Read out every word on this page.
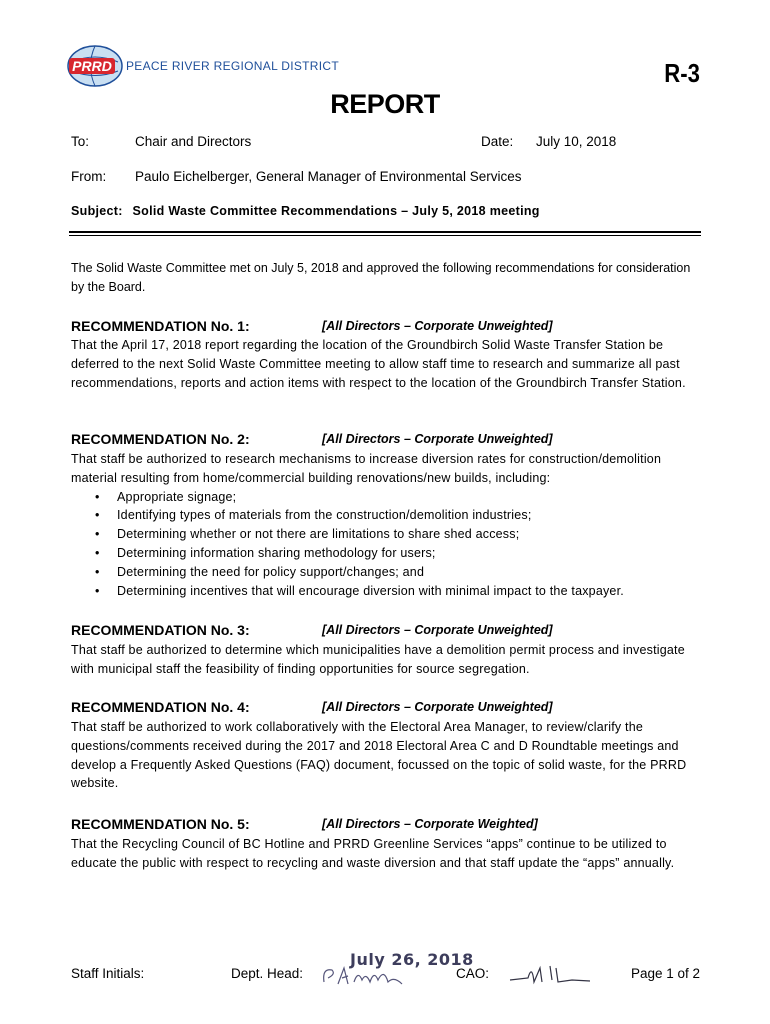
PRRD PEACE RIVER REGIONAL DISTRICT	R-3
REPORT
To:	Chair and Directors	Date: July 10, 2018
From: Paulo Eichelberger, General Manager of Environmental Services
Subject: Solid Waste Committee Recommendations – July 5, 2018 meeting
The Solid Waste Committee met on July 5, 2018 and approved the following recommendations for consideration by the Board.
RECOMMENDATION No. 1:	[All Directors – Corporate Unweighted]
That the April 17, 2018 report regarding the location of the Groundbirch Solid Waste Transfer Station be deferred to the next Solid Waste Committee meeting to allow staff time to research and summarize all past recommendations, reports and action items with respect to the location of the Groundbirch Transfer Station.
RECOMMENDATION No. 2:	[All Directors – Corporate Unweighted]
That staff be authorized to research mechanisms to increase diversion rates for construction/demolition material resulting from home/commercial building renovations/new builds, including:
• Appropriate signage;
• Identifying types of materials from the construction/demolition industries;
• Determining whether or not there are limitations to share shed access;
• Determining information sharing methodology for users;
• Determining the need for policy support/changes; and
• Determining incentives that will encourage diversion with minimal impact to the taxpayer.
RECOMMENDATION No. 3:	[All Directors – Corporate Unweighted]
That staff be authorized to determine which municipalities have a demolition permit process and investigate with municipal staff the feasibility of finding opportunities for source segregation.
RECOMMENDATION No. 4:	[All Directors – Corporate Unweighted]
That staff be authorized to work collaboratively with the Electoral Area Manager, to review/clarify the questions/comments received during the 2017 and 2018 Electoral Area C and D Roundtable meetings and develop a Frequently Asked Questions (FAQ) document, focussed on the topic of solid waste, for the PRRD website.
RECOMMENDATION No. 5:	[All Directors – Corporate Weighted]
That the Recycling Council of BC Hotline and PRRD Greenline Services “apps” continue to be utilized to educate the public with respect to recycling and waste diversion and that staff update the “apps” annually.
Staff Initials:	Dept. Head:
July 26, 2018
CAO:	Page 1 of 2
